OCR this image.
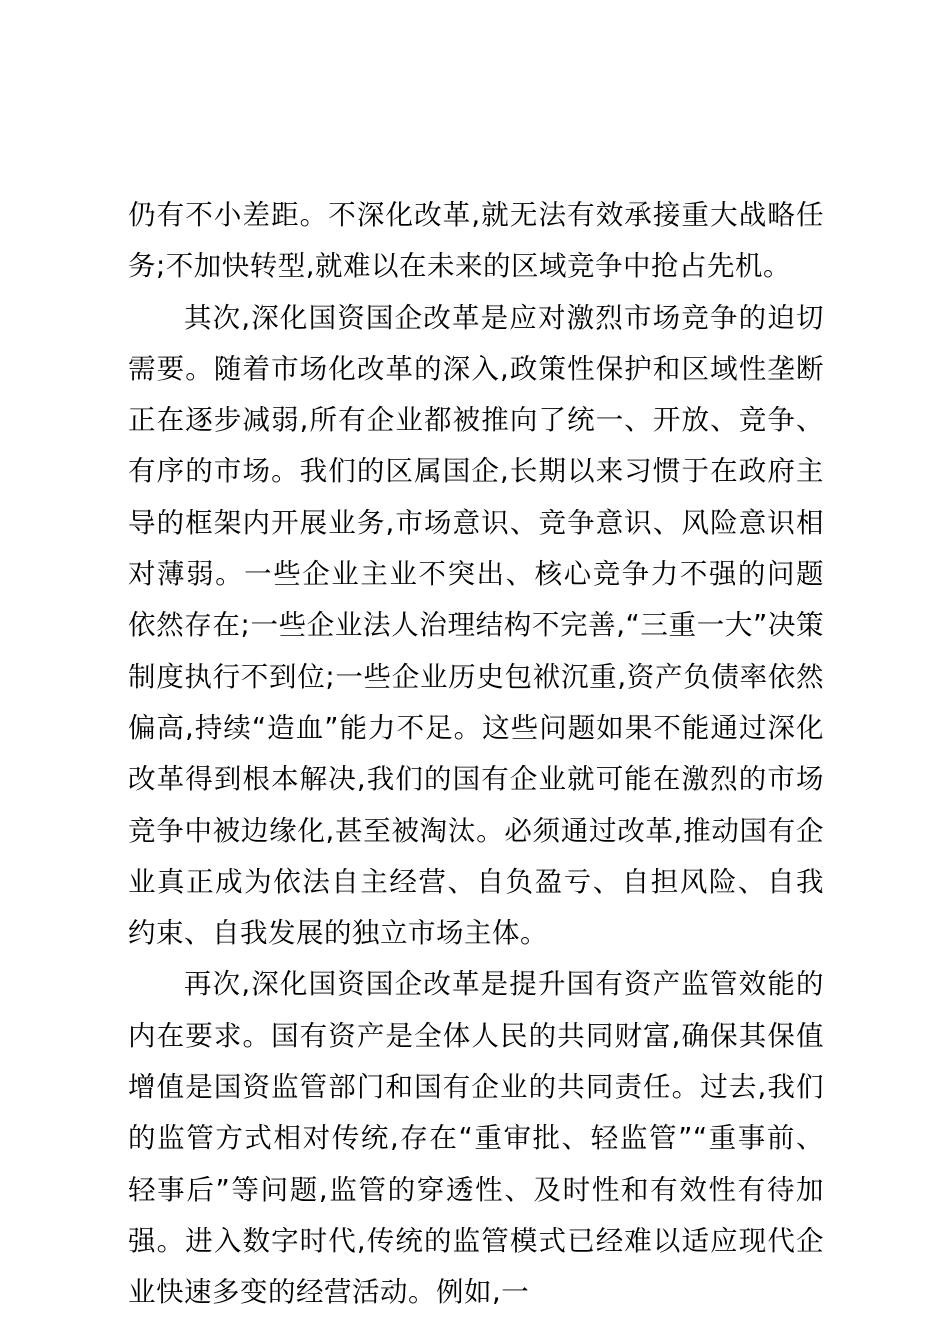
仍有不小差距。不深化改革,就无法有效承接重大战略任务;不加快转型,就难以在未来的区域竞争中抢占先机。

其次,深化国资国企改革是应对激烈市场竞争的迫切需要。随着市场化改革的深入,政策性保护和区域性垄断正在逐步减弱,所有企业都被推向了统一、开放、竞争、有序的市场。我们的区属国企,长期以来习惯于在政府主导的框架内开展业务,市场意识、竞争意识、风险意识相对薄弱。一些企业主业不突出、核心竞争力不强的问题依然存在;一些企业法人治理结构不完善,“三重一大”决策制度执行不到位;一些企业历史包袱沉重,资产负债率依然偏高,持续“造血”能力不足。这些问题如果不能通过深化改革得到根本解决,我们的国有企业就可能在激烈的市场竞争中被边缘化,甚至被淘汰。必须通过改革,推动国有企业真正成为依法自主经营、自负盈亏、自担风险、自我约束、自我发展的独立市场主体。

再次,深化国资国企改革是提升国有资产监管效能的内在要求。国有资产是全体人民的共同财富,确保其保值增值是国资监管部门和国有企业的共同责任。过去,我们的监管方式相对传统,存在“重审批、轻监管”“重事前、轻事后”等问题,监管的穿透性、及时性和有效性有待加强。进入数字时代,传统的监管模式已经难以适应现代企业快速多变的经营活动。例如,一
